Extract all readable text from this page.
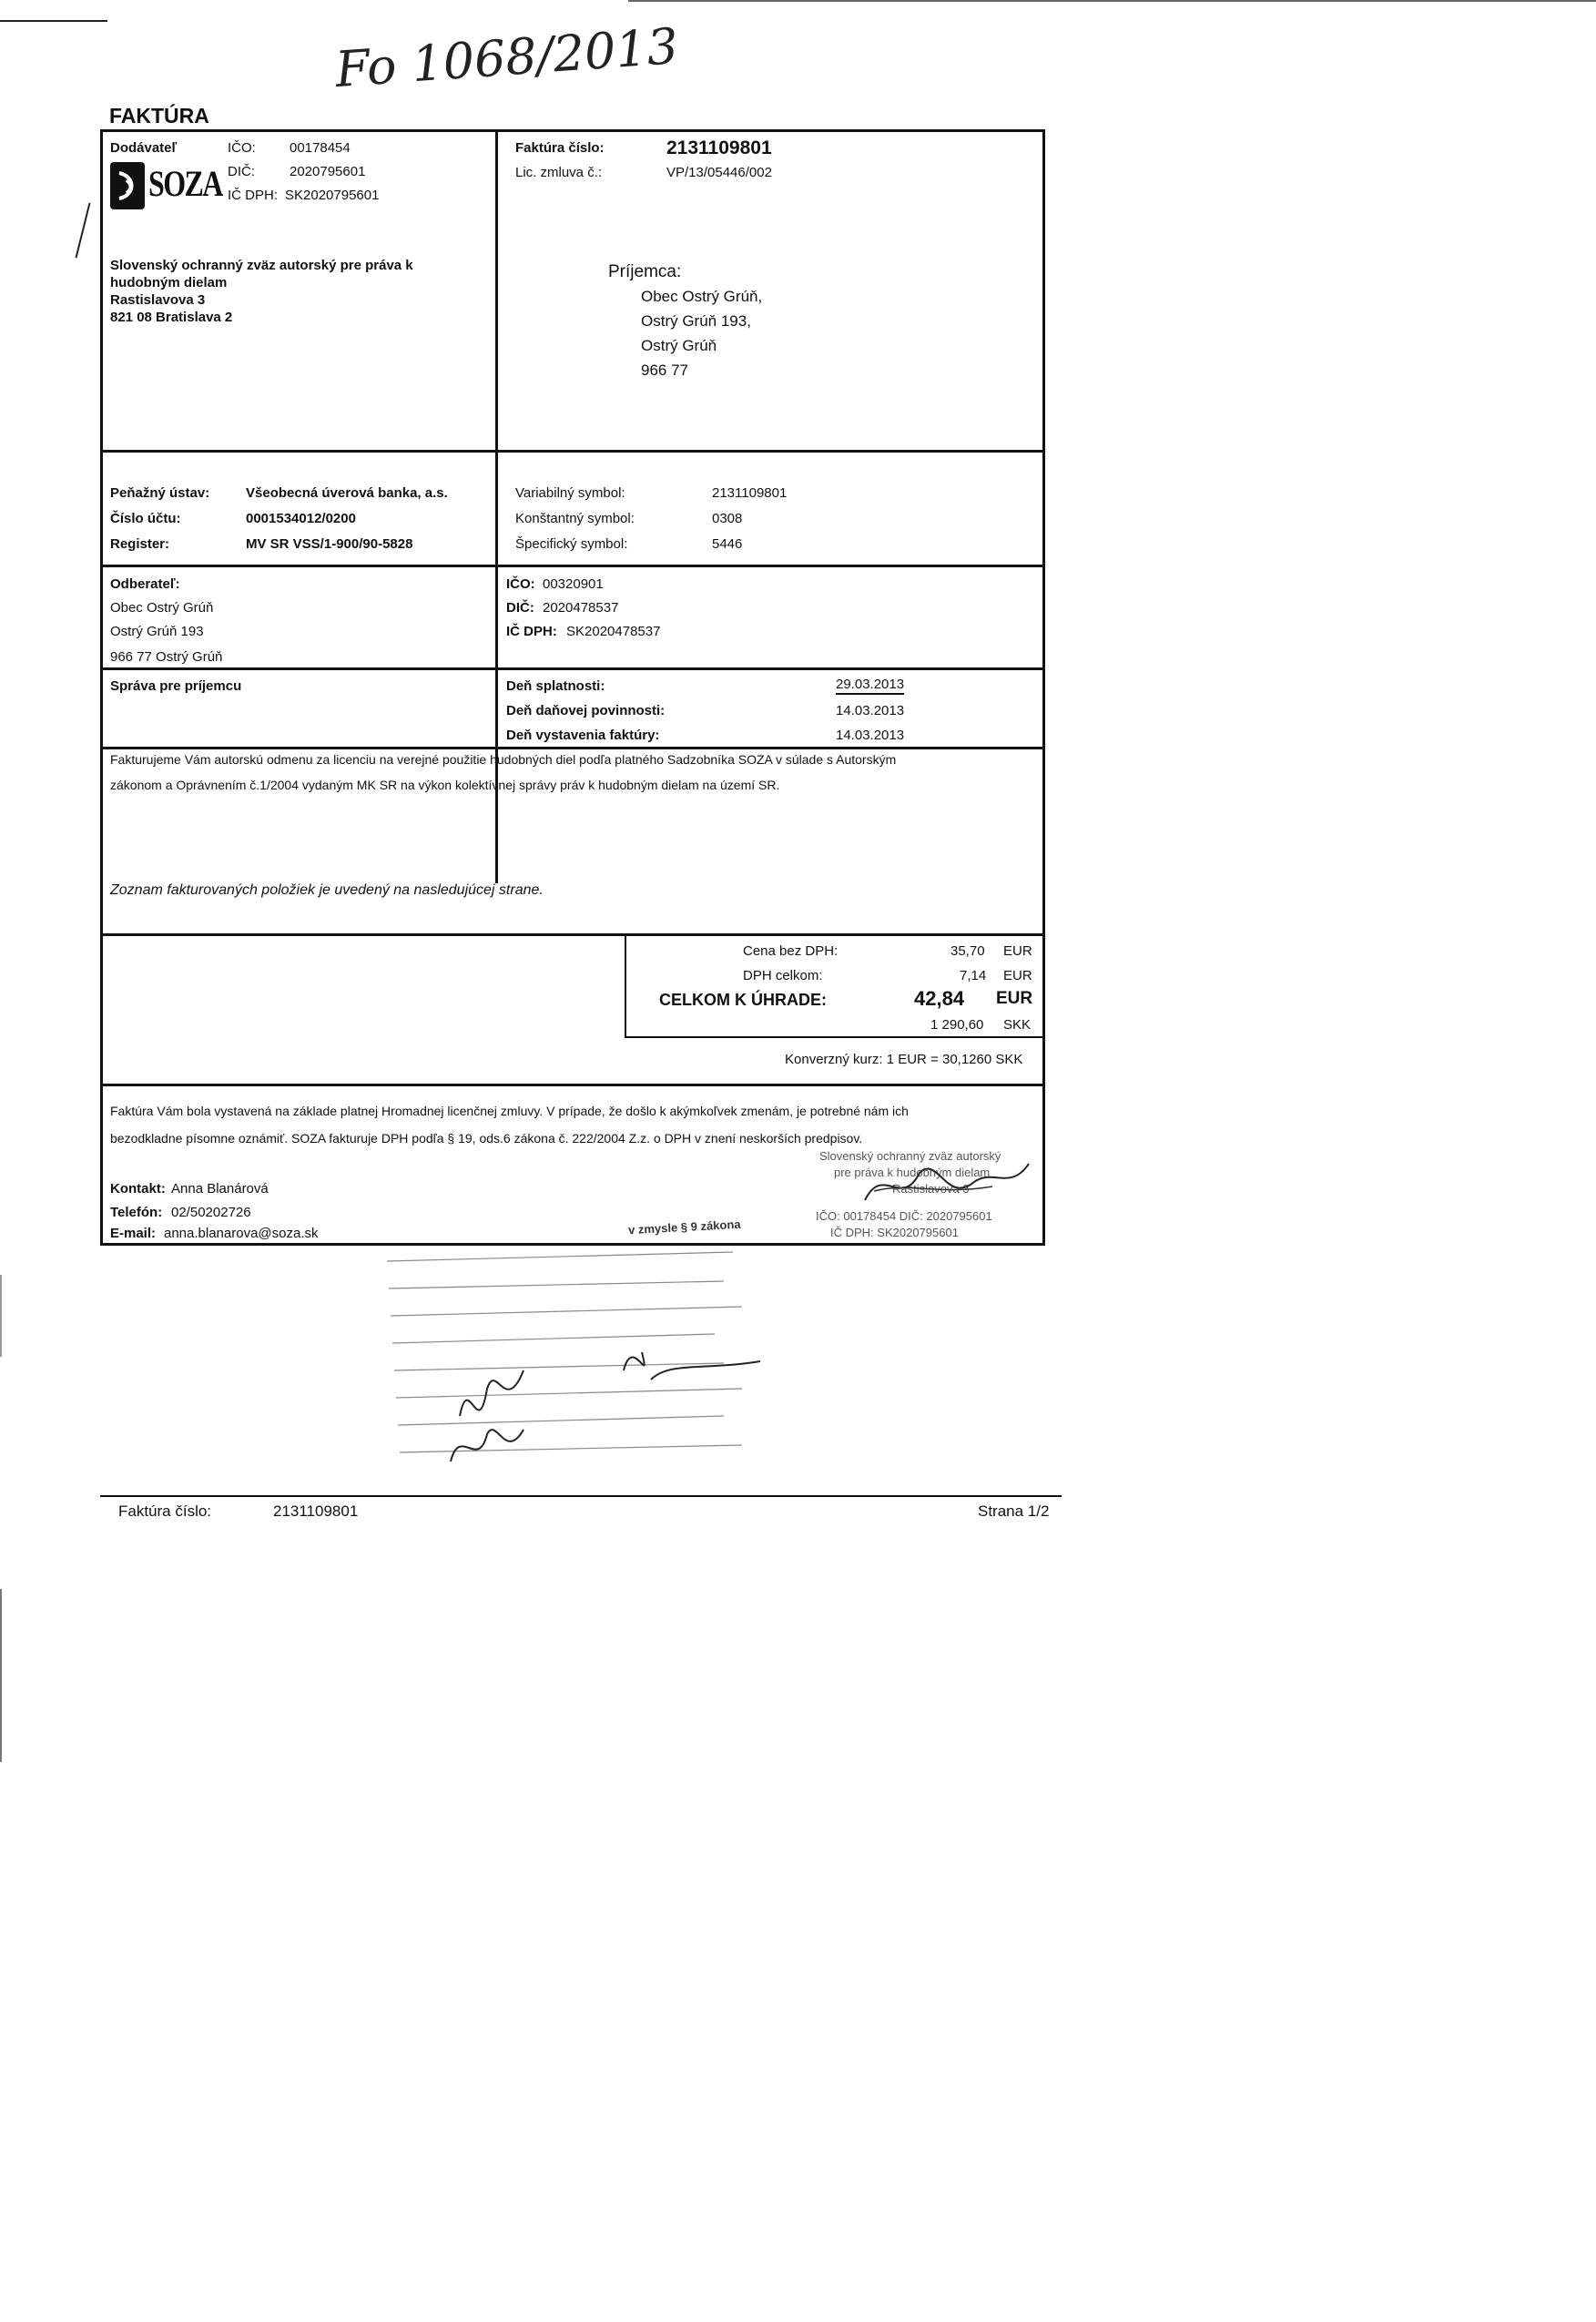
Fo 1068/2013
FAKTÚRA
Dodávateľ
SOZA
IČO: 00178454
DIČ:	2020795601
IČ DPH: SK2020795601
Slovenský ochranný zväz autorský pre práva k
hudobným dielam
Rastislavova 3
821 08 Bratislava 2
Faktúra číslo:	2131109801
Lic. zmluva č.:	VP/13/05446/002
Príjemca:
Obec Ostrý Grúň,
Ostrý Grúň 193,
Ostrý Grúň
966 77
Peňažný ústav:	Všeobecná úverová banka, a.s.
Číslo účtu:	0001534012/0200
Register:	MV SR VSS/1-900/90-5828
Variabilný symbol:	2131109801
Konštantný symbol:	0308
Špecifický symbol:	5446
Odberateľ:
Obec Ostrý Grúň
Ostrý Grúň 193
966 77 Ostrý Grúň
IČO: 00320901
DIČ: 2020478537
IČ DPH: SK2020478537
Správa pre príjemcu	Deň splatnosti:	29.03.2013
Deň daňovej povinnosti:	14.03.2013
Deň vystavenia faktúry:	14.03.2013
Fakturujeme Vám autorskú odmenu za licenciu na verejné použitie hudobných diel podľa platného Sadzobníka SOZA v súlade s Autorským
zákonom a Oprávnením č.1/2004 vydaným MK SR na výkon kolektívnej správy práv k hudobným dielam na území SR.
Zoznam fakturovaných položiek je uvedený na nasledujúcej strane.
Cena bez DPH:	35,70 EUR
DPH celkom:	7,14 EUR
CELKOM K ÚHRADE:	42,84 EUR
1 290,60 SKK
Konverzný kurz: 1 EUR = 30,1260 SKK
Faktúra Vám bola vystavená na základe platnej Hromadnej licenčnej zmluvy. V prípade, že došlo k akýmkoľvek zmenám, je potrebné nám ich
bezodkladne písomne oznámiť. SOZA fakturuje DPH podľa § 19, ods.6 zákona č. 222/2004 Z.z. o DPH v znení neskorších predpisov.
Kontakt: Anna Blanárová
Telefón: 02/50202726
E-mail: anna.blanarova@soza.sk
Slovenský ochranný zväz autorský
pre práva k hudobným dielam
Rastislavova 3
IČO: 00178454 DIČ: 2020795601
IČ DPH: SK2020795601
v zmysle § 9 zákona
Faktúra číslo:	2131109801	Strana 1/2
